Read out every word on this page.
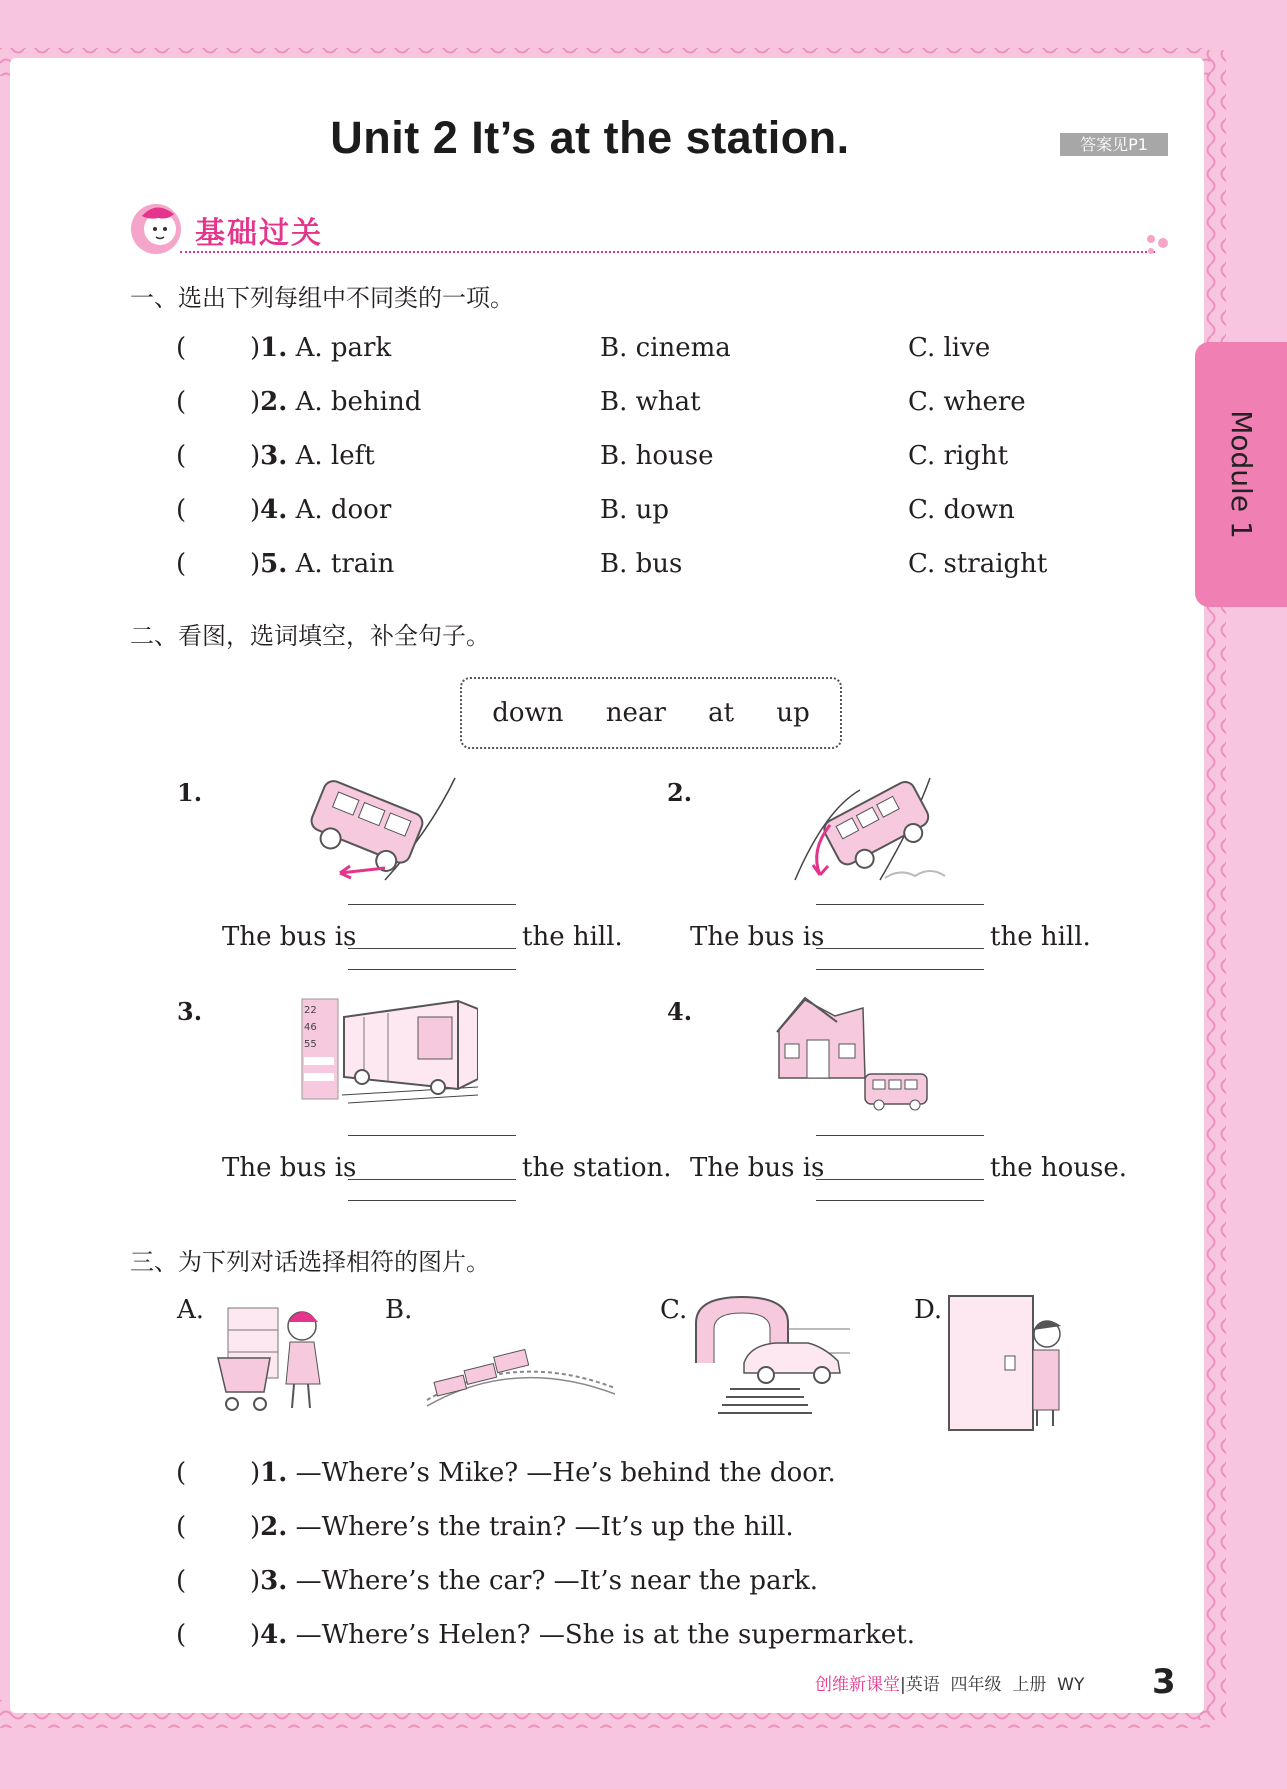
Unit 2 It’s at the station.	答案见P1
基础过关
Module 1
一、选出下列每组中不同类的一项。
( )1. A. park	B. cinema	C. live
( )2. A. behind	B. what	C. where
( )3. A. left	B. house	C. right
( )4. A. door	B. up	C. down
( )5. A. train	B. bus	C. straight
二、看图，选词填空，补全句子。
down near at up
1.
The bus is	the hill.
2.
The bus is	the hill.
3.	22
46
55
The bus is	the station.
4.
The bus is	the house.
三、为下列对话选择相符的图片。
A.	B.	C.	D.
( )1. —Where’s Mike? —He’s behind the door.
( )2. —Where’s the train? —It’s up the hill.
( )3. —Where’s the car? —It’s near the park.
( )4. —Where’s Helen? —She is at the supermarket.
创维新课堂|英语 四年级 上册 WY 3
